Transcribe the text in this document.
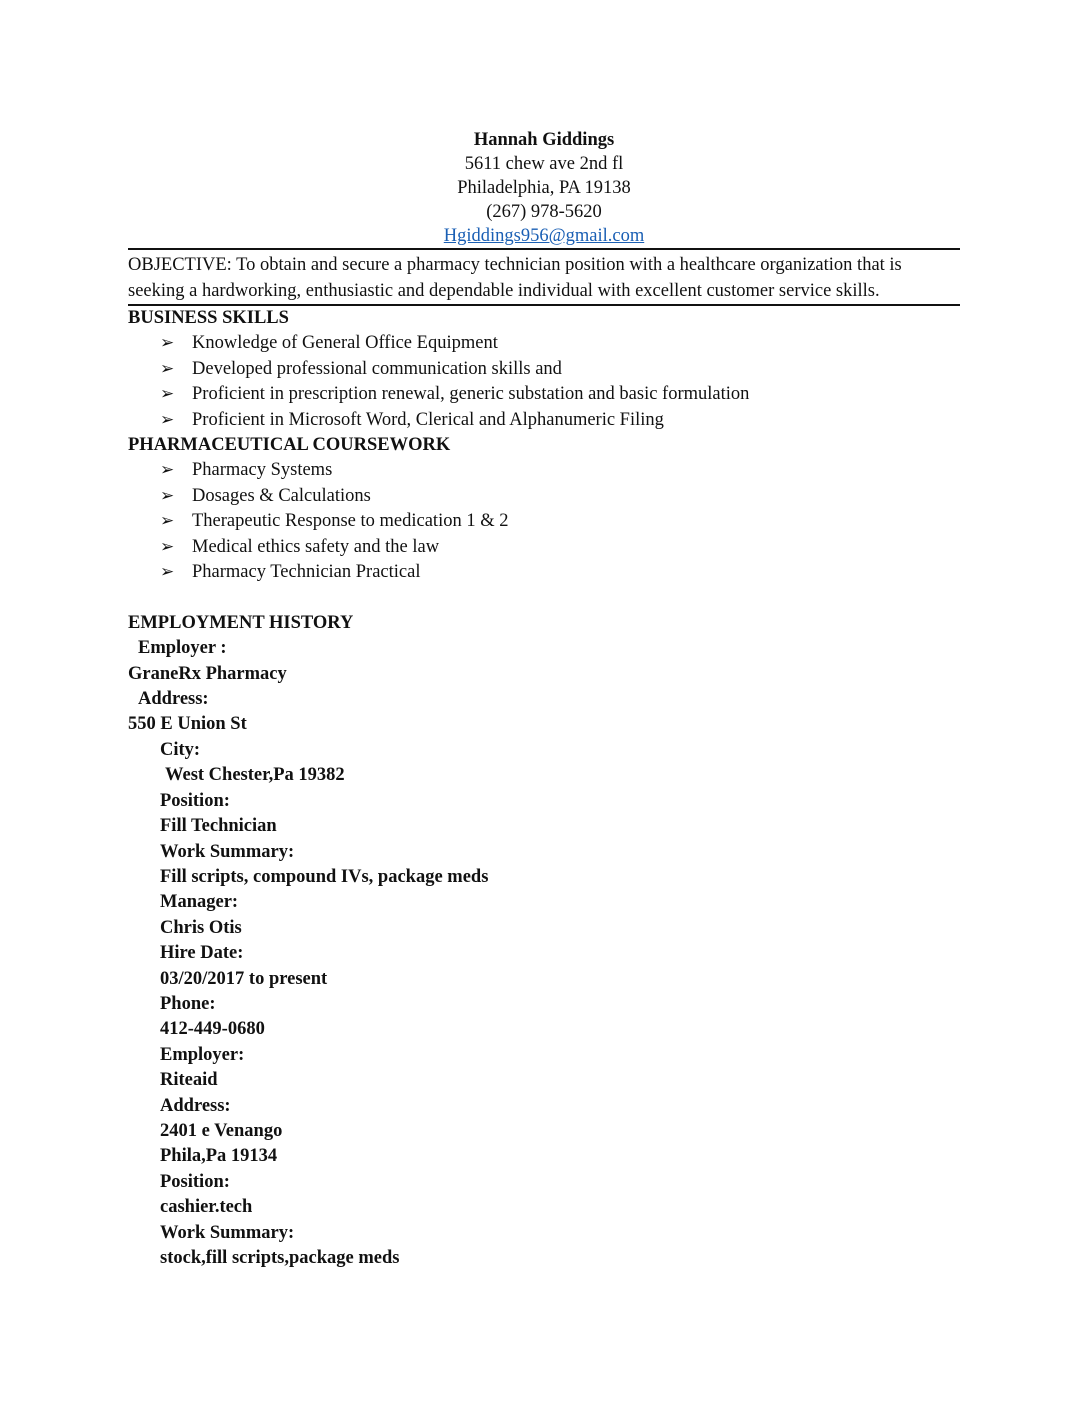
Hannah Giddings
5611 chew ave 2nd fl
Philadelphia, PA 19138
(267) 978-5620
Hgiddings956@gmail.com
OBJECTIVE: To obtain and secure a pharmacy technician position with a healthcare organization that is seeking a hardworking, enthusiastic and dependable individual with excellent customer service skills.
BUSINESS SKILLS
➢ Knowledge of General Office Equipment
➢ Developed professional communication skills and
➢ Proficient in prescription renewal, generic substation and basic formulation
➢ Proficient in Microsoft Word, Clerical and Alphanumeric Filing
PHARMACEUTICAL COURSEWORK
➢ Pharmacy Systems
➢ Dosages & Calculations
➢ Therapeutic Response to medication 1 & 2
➢ Medical ethics safety and the law
➢ Pharmacy Technician Practical
EMPLOYMENT HISTORY
Employer :
GraneRx Pharmacy
Address:
550 E Union St
City:
West Chester,Pa 19382
Position:
Fill Technician
Work Summary:
Fill scripts, compound IVs, package meds
Manager:
Chris Otis
Hire Date:
03/20/2017 to present
Phone:
412-449-0680
Employer:
Riteaid
Address:
2401 e Venango
Phila,Pa 19134
Position:
cashier.tech
Work Summary:
stock,fill scripts,package meds
